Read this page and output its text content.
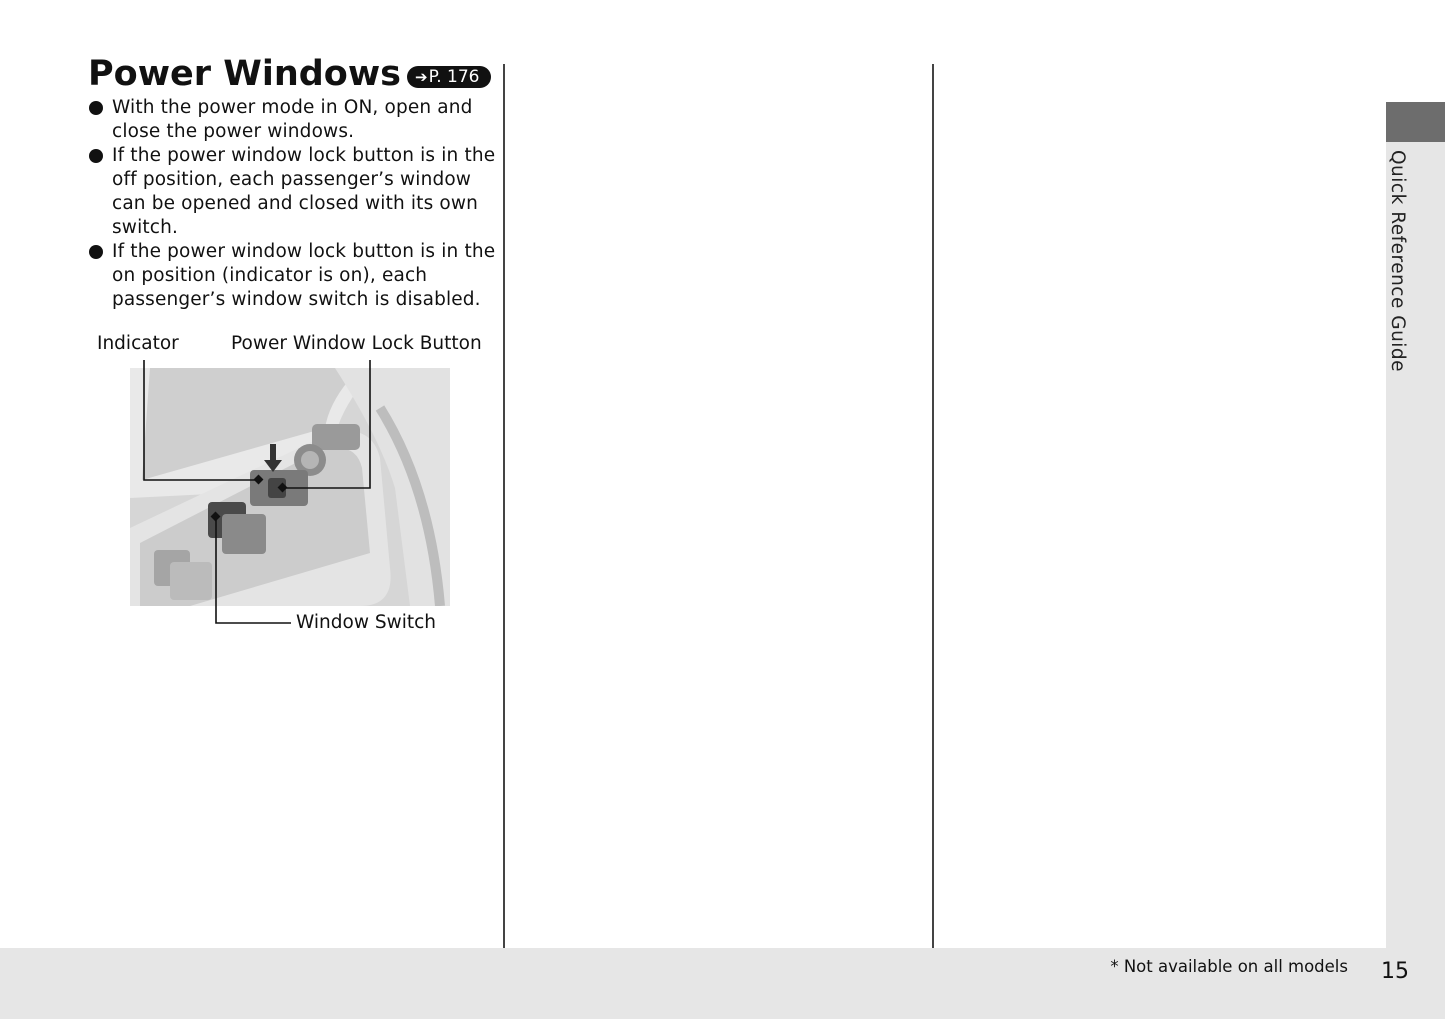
Power Windows ➔P. 176
With the power mode in ON, open and close the power windows.
If the power window lock button is in the off position, each passenger’s window can be opened and closed with its own switch.
If the power window lock button is in the on position (indicator is on), each passenger’s window switch is disabled.
Indicator	Power Window Lock Button
Window Switch
Quick Reference Guide
* Not available on all models 15
